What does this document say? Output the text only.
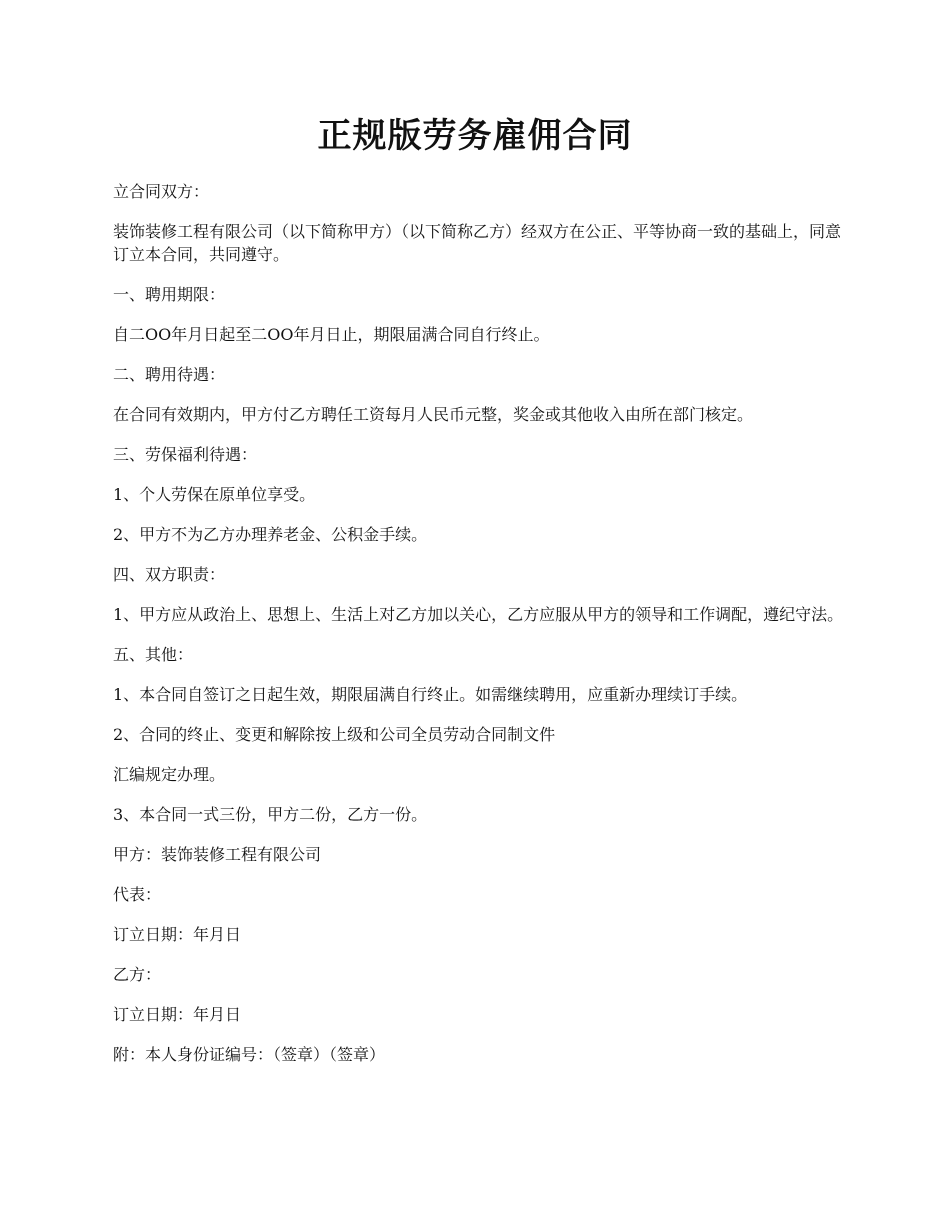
正规版劳务雇佣合同

立合同双方：

装饰装修工程有限公司（以下简称甲方）（以下简称乙方）经双方在公正、平等协商一致的基础上，同意订立本合同，共同遵守。

一、聘用期限：

自二OO年月日起至二OO年月日止，期限届满合同自行终止。

二、聘用待遇：

在合同有效期内，甲方付乙方聘任工资每月人民币元整，奖金或其他收入由所在部门核定。

三、劳保福利待遇：

1、个人劳保在原单位享受。

2、甲方不为乙方办理养老金、公积金手续。

四、双方职责：

1、甲方应从政治上、思想上、生活上对乙方加以关心，乙方应服从甲方的领导和工作调配，遵纪守法。

五、其他：

1、本合同自签订之日起生效，期限届满自行终止。如需继续聘用，应重新办理续订手续。

2、合同的终止、变更和解除按上级和公司全员劳动合同制文件

汇编规定办理。

3、本合同一式三份，甲方二份，乙方一份。

甲方：装饰装修工程有限公司

代表：

订立日期：年月日

乙方：

订立日期：年月日

附：本人身份证编号：（签章）（签章）
